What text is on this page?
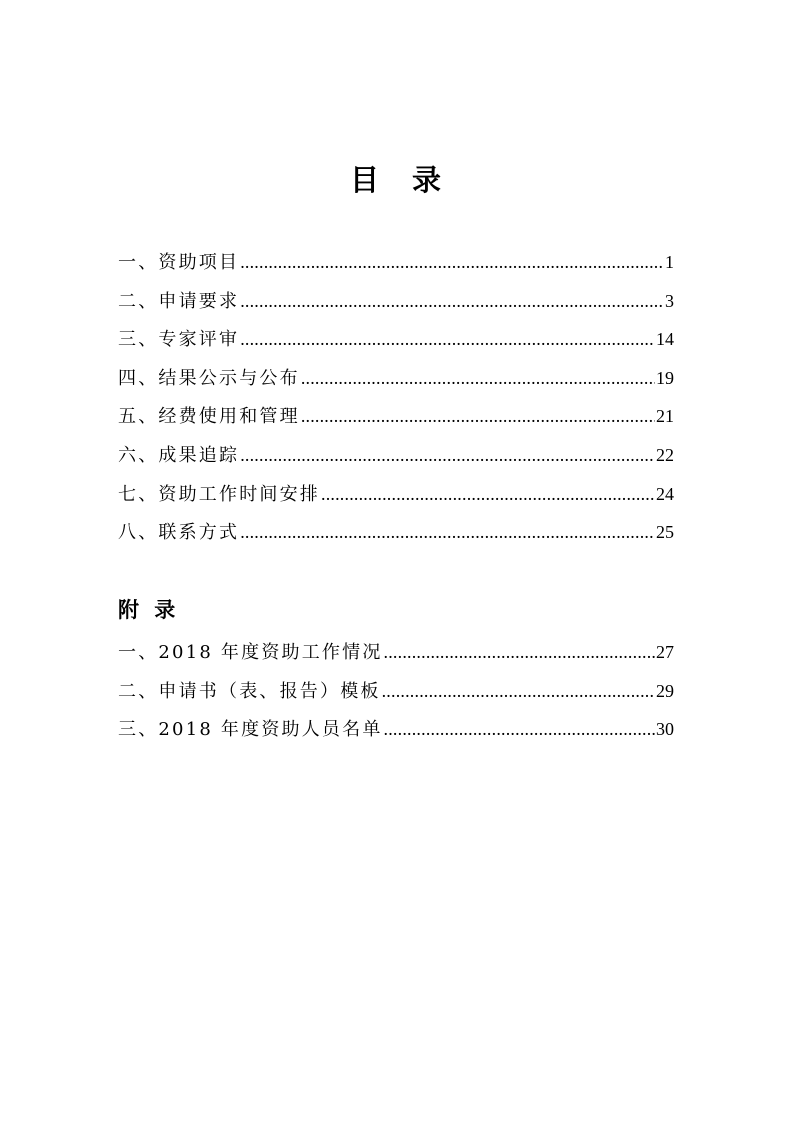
目　录
一、资助项目 .....	1
二、申请要求 .....	3
三、专家评审 .....	14
四、结果公示与公布 .....	19
五、经费使用和管理 .....	21
六、成果追踪 .....	22
七、资助工作时间安排 .....	24
八、联系方式 .....	25
附 录
一、2018 年度资助工作情况 .....	27
二、申请书（表、报告）模板 .....	29
三、2018 年度资助人员名单 .....	30
